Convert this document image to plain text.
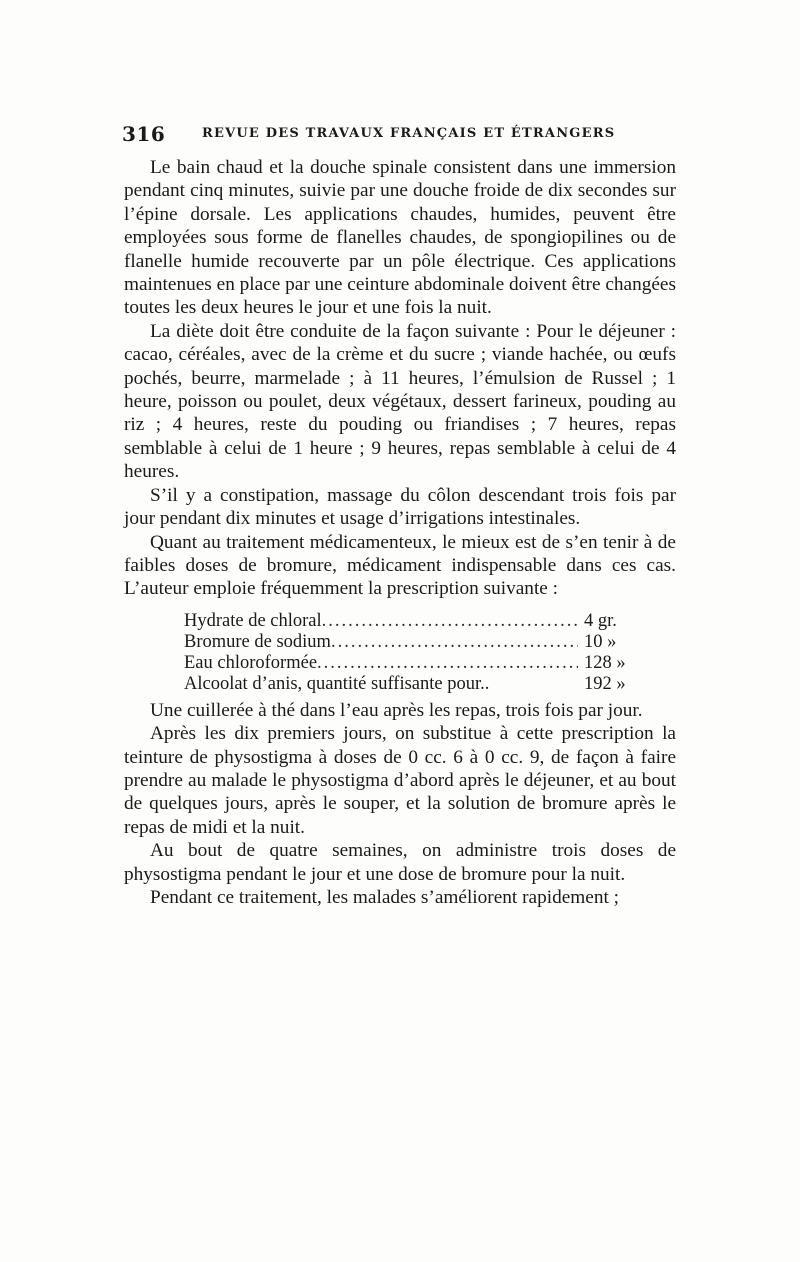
316	REVUE DES TRAVAUX FRANÇAIS ET ÉTRANGERS

Le bain chaud et la douche spinale consistent dans une immersion pendant cinq minutes, suivie par une douche froide de dix secondes sur l’épine dorsale. Les applications chaudes, humides, peuvent être employées sous forme de flanelles chaudes, de spongiopilines ou de flanelle humide recouverte par un pôle électrique. Ces applications maintenues en place par une ceinture abdominale doivent être changées toutes les deux heures le jour et une fois la nuit.

La diète doit être conduite de la façon suivante : Pour le déjeuner : cacao, céréales, avec de la crème et du sucre ; viande hachée, ou œufs pochés, beurre, marmelade ; à 11 heures, l’émulsion de Russel ; 1 heure, poisson ou poulet, deux végétaux, dessert farineux, pouding au riz ; 4 heures, reste du pouding ou friandises ; 7 heures, repas semblable à celui de 1 heure ; 9 heures, repas semblable à celui de 4 heures.

S’il y a constipation, massage du côlon descendant trois fois par jour pendant dix minutes et usage d’irrigations intestinales.

Quant au traitement médicamenteux, le mieux est de s’en tenir à de faibles doses de bromure, médicament indispensable dans ces cas. L’auteur emploie fréquemment la prescription suivante :

Hydrate de chloral .....	4 gr.
Bromure de sodium .....	10 »
Eau chloroformée .....	128 »
Alcoolat d’anis, quantité suffisante pour..	192 »

Une cuillerée à thé dans l’eau après les repas, trois fois par jour.

Après les dix premiers jours, on substitue à cette prescription la teinture de physostigma à doses de 0 cc. 6 à 0 cc. 9, de façon à faire prendre au malade le physostigma d’abord après le déjeuner, et au bout de quelques jours, après le souper, et la solution de bromure après le repas de midi et la nuit.

Au bout de quatre semaines, on administre trois doses de physostigma pendant le jour et une dose de bromure pour la nuit.

Pendant ce traitement, les malades s’améliorent rapidement ;
